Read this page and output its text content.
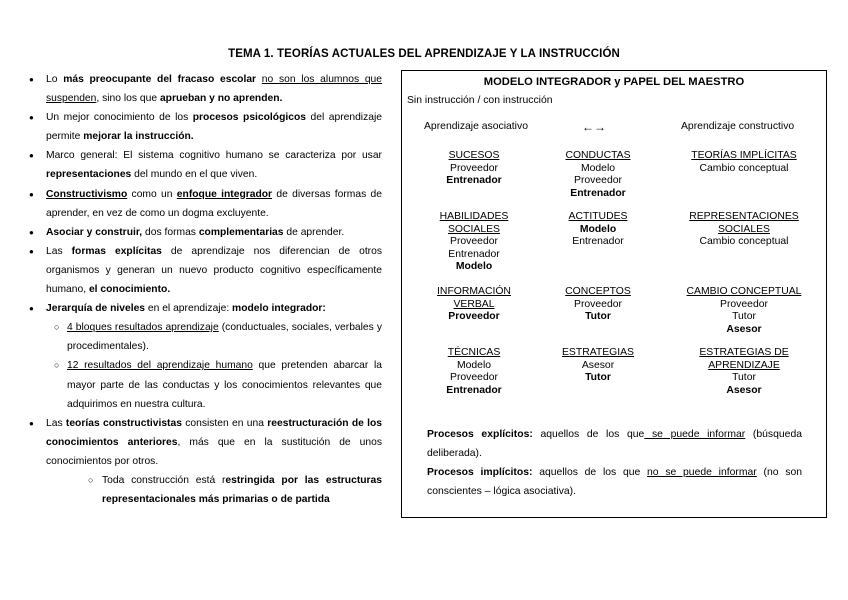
TEMA 1. TEORÍAS ACTUALES DEL APRENDIZAJE Y LA INSTRUCCIÓN
● Lo más preocupante del fracaso escolar no son los alumnos que suspenden, sino los que aprueban y no aprenden.
● Un mejor conocimiento de los procesos psicológicos del aprendizaje permite mejorar la instrucción.
● Marco general: El sistema cognitivo humano se caracteriza por usar representaciones del mundo en el que viven.
● Constructivismo como un enfoque integrador de diversas formas de aprender, en vez de como un dogma excluyente.
● Asociar y construir, dos formas complementarias de aprender.
● Las formas explícitas de aprendizaje nos diferencian de otros organismos y generan un nuevo producto cognitivo específicamente humano, el conocimiento.
● Jerarquía de niveles en el aprendizaje: modelo integrador:
○ 4 bloques resultados aprendizaje (conductuales, sociales, verbales y procedimentales).
○ 12 resultados del aprendizaje humano que pretenden abarcar la mayor parte de las conductas y los conocimientos relevantes que adquirimos en nuestra cultura.
● Las teorías constructivistas consisten en una reestructuración de los conocimientos anteriores, más que en la sustitución de unos conocimientos por otros.
○ Toda construcción está restringida por las estructuras representacionales más primarias o de partida
MODELO INTEGRADOR y PAPEL DEL MAESTRO
Sin instrucción / con instrucción
Aprendizaje asociativo	←→	Aprendizaje constructivo
SUCESOS
Proveedor
Entrenador
CONDUCTAS
Modelo
Proveedor
Entrenador
TEORÍAS IMPLÍCITAS
Cambio conceptual
HABILIDADES
SOCIALES
Proveedor
Entrenador
Modelo
ACTITUDES
Modelo
Entrenador
REPRESENTACIONES
SOCIALES
Cambio conceptual
INFORMACIÓN
VERBAL
Proveedor
CONCEPTOS
Proveedor
Tutor
CAMBIO CONCEPTUAL
Proveedor
Tutor
Asesor
TÉCNICAS
Modelo
Proveedor
Entrenador
ESTRATEGIAS
Asesor
Tutor
ESTRATEGIAS DE
APRENDIZAJE
Tutor
Asesor
Procesos explícitos: aquellos de los que se puede informar (búsqueda deliberada).
Procesos implícitos: aquellos de los que no se puede informar (no son conscientes – lógica asociativa).
